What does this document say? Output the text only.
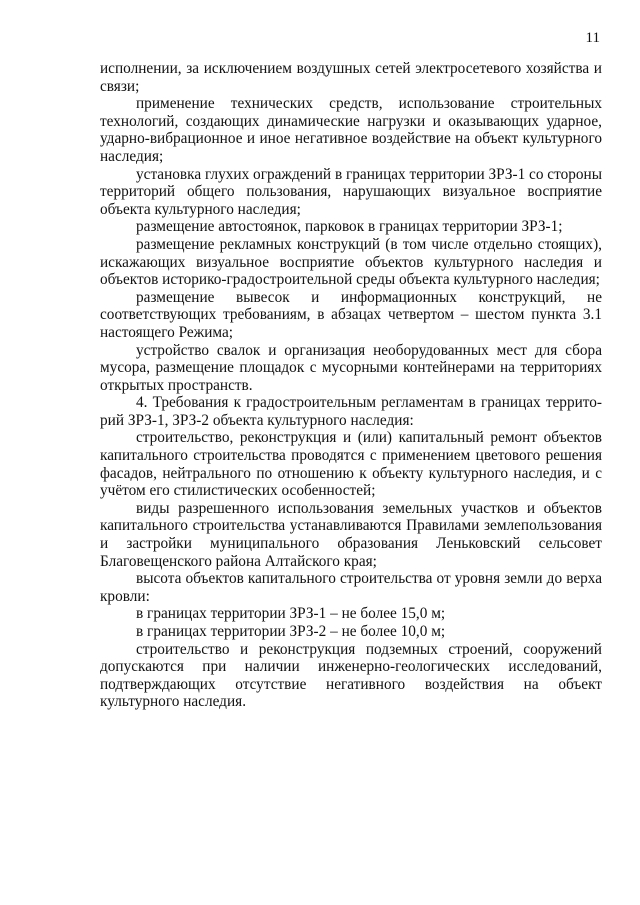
11

исполнении, за исключением воздушных сетей электросетевого хозяйства и связи;

применение технических средств, использование строительных технологий, создающих динамические нагрузки и оказывающих ударное, ударно-вибрационное и иное негативное воздействие на объект культурного наследия;

установка глухих ограждений в границах территории ЗРЗ-1 со стороны территорий общего пользования, нарушающих визуальное восприятие объекта культурного наследия;

размещение автостоянок, парковок в границах территории ЗРЗ-1;

размещение рекламных конструкций (в том числе отдельно стоящих), искажающих визуальное восприятие объектов культурного наследия и объектов историко-градостроительной среды объекта культурного наследия;

размещение вывесок и информационных конструкций, не соответствующих требованиям, в абзацах четвертом – шестом пункта 3.1 настоящего Режима;

устройство свалок и организация необорудованных мест для сбора мусора, размещение площадок с мусорными контейнерами на территориях открытых пространств.

4. Требования к градостроительным регламентам в границах террито-рий ЗРЗ-1, ЗРЗ-2 объекта культурного наследия:

строительство, реконструкция и (или) капитальный ремонт объектов капитального строительства проводятся с применением цветового решения фасадов, нейтрального по отношению к объекту культурного наследия, и с учётом его стилистических особенностей;

виды разрешенного использования земельных участков и объектов капитального строительства устанавливаются Правилами землепользования и застройки муниципального образования Леньковский сельсовет Благовещенского района Алтайского края;

высота объектов капитального строительства от уровня земли до верха кровли:

в границах территории ЗРЗ-1 – не более 15,0 м;

в границах территории ЗРЗ-2 – не более 10,0 м;

строительство и реконструкция подземных строений, сооружений допускаются при наличии инженерно-геологических исследований, подтверждающих отсутствие негативного воздействия на объект культурного наследия.
